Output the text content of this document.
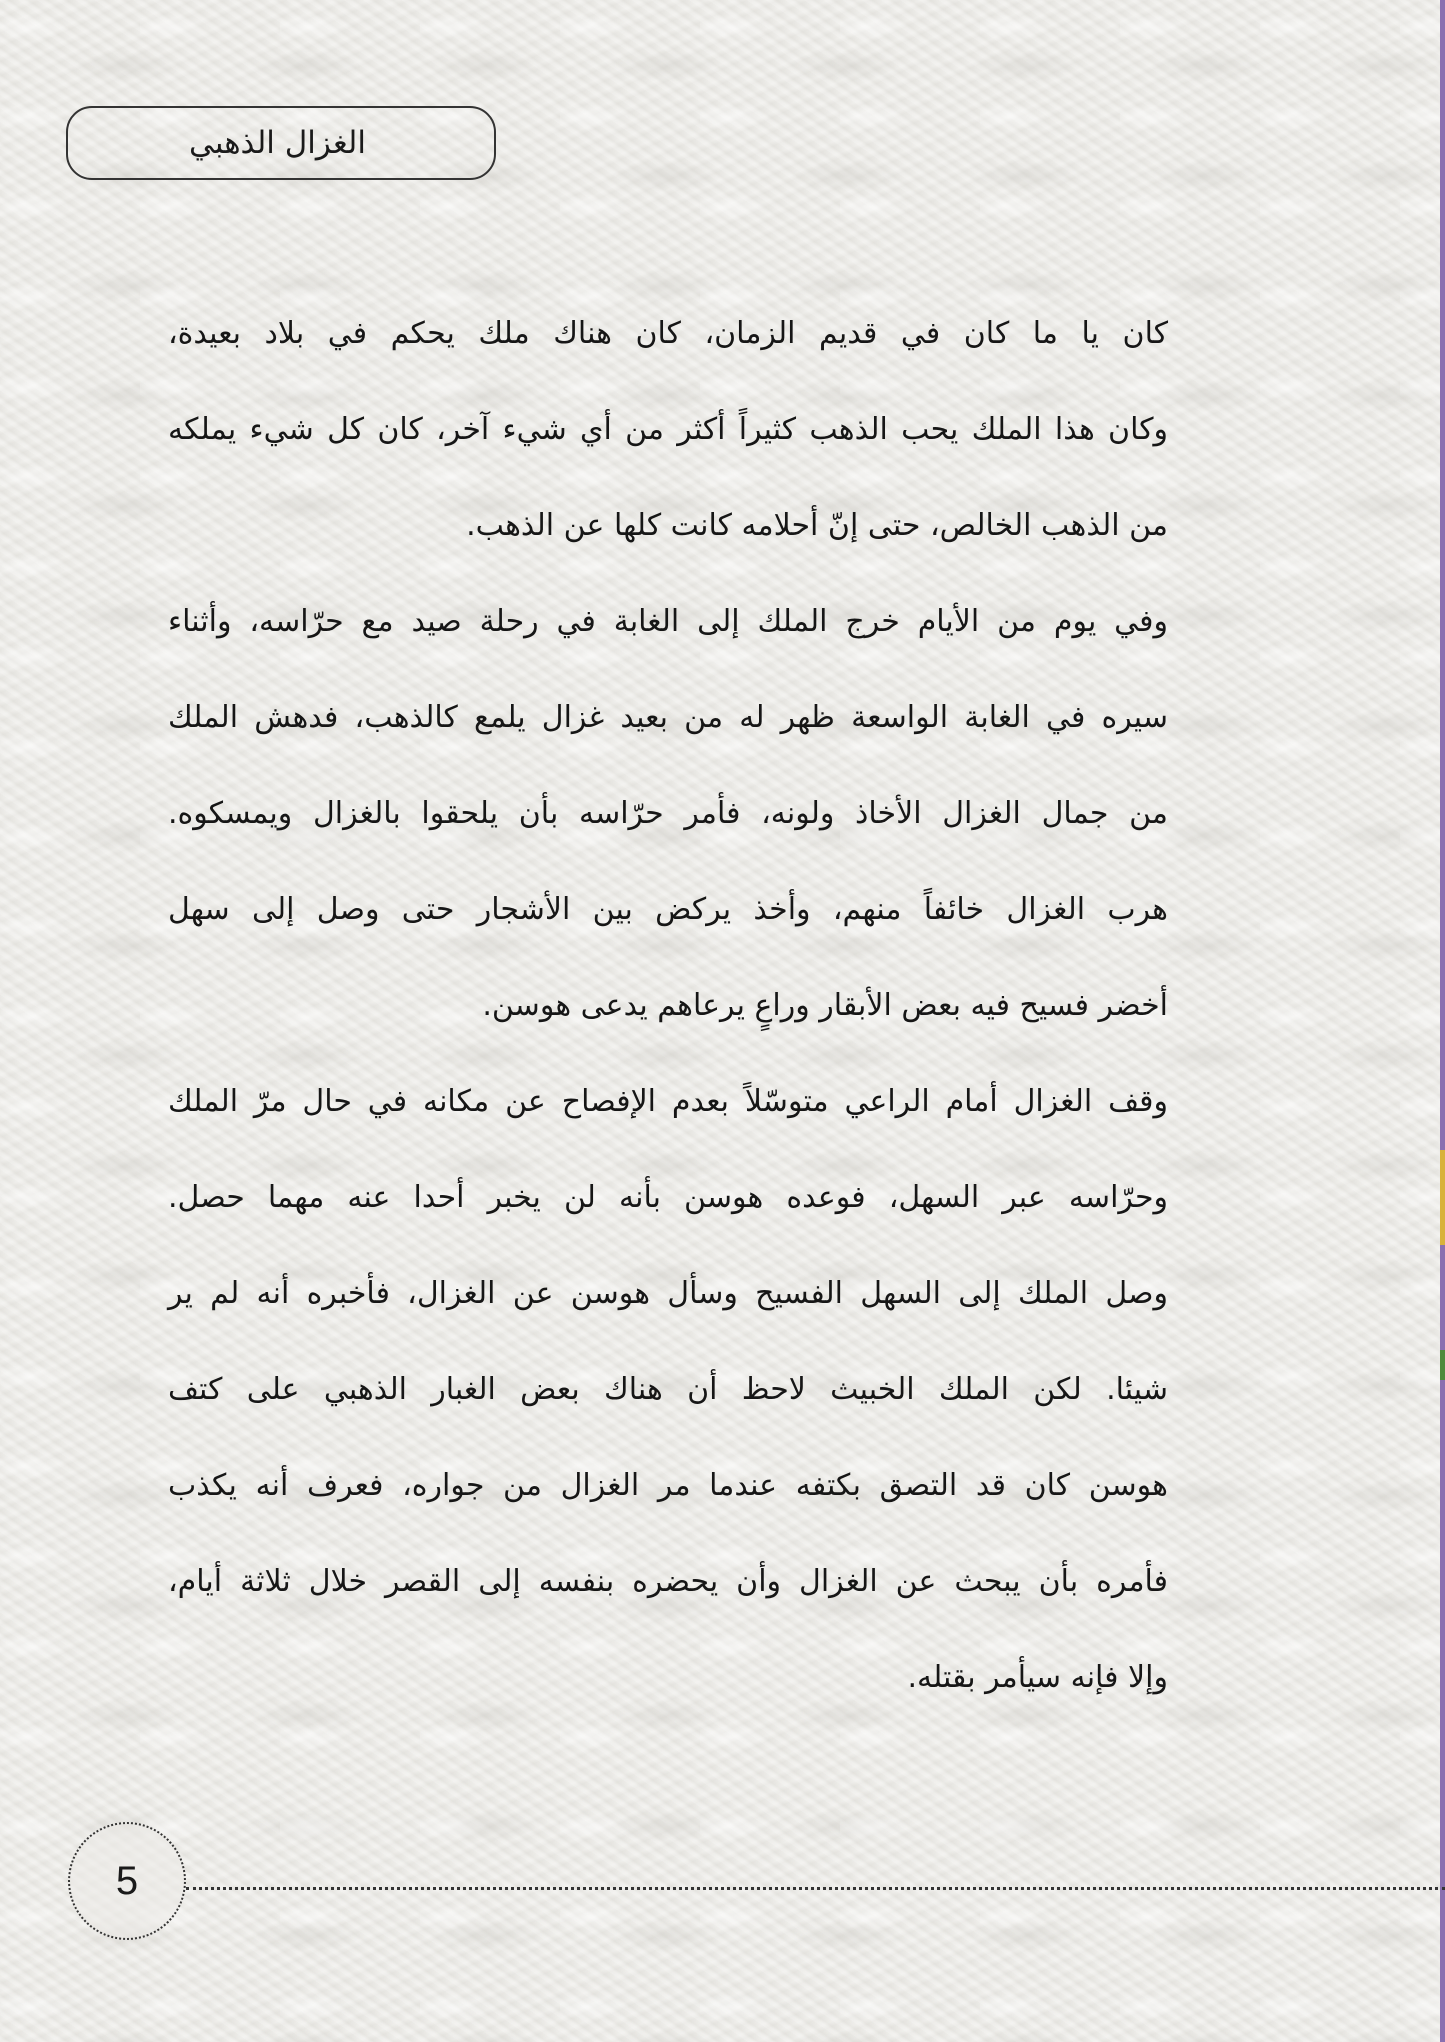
الغزال الذهبي
كان يا ما كان في قديم الزمان، كان هناك ملك يحكم في بلاد بعيدة،
وكان هذا الملك يحب الذهب كثيراً أكثر من أي شيء آخر، كان كل شيء يملكه
من الذهب الخالص، حتى إنّ أحلامه كانت كلها عن الذهب.
وفي يوم من الأيام خرج الملك إلى الغابة في رحلة صيد مع حرّاسه، وأثناء
سيره في الغابة الواسعة ظهر له من بعيد غزال يلمع كالذهب، فدهش الملك
من جمال الغزال الأخاذ ولونه، فأمر حرّاسه بأن يلحقوا بالغزال ويمسكوه.
هرب الغزال خائفاً منهم، وأخذ يركض بين الأشجار حتى وصل إلى سهل
أخضر فسيح فيه بعض الأبقار وراعٍ يرعاهم يدعى هوسن.
وقف الغزال أمام الراعي متوسّلاً بعدم الإفصاح عن مكانه في حال مرّ الملك
وحرّاسه عبر السهل، فوعده هوسن بأنه لن يخبر أحدا عنه مهما حصل.
وصل الملك إلى السهل الفسيح وسأل هوسن عن الغزال، فأخبره أنه لم ير
شيئا. لكن الملك الخبيث لاحظ أن هناك بعض الغبار الذهبي على كتف
هوسن كان قد التصق بكتفه عندما مر الغزال من جواره، فعرف أنه يكذب
فأمره بأن يبحث عن الغزال وأن يحضره بنفسه إلى القصر خلال ثلاثة أيام،
وإلا فإنه سيأمر بقتله.
5
